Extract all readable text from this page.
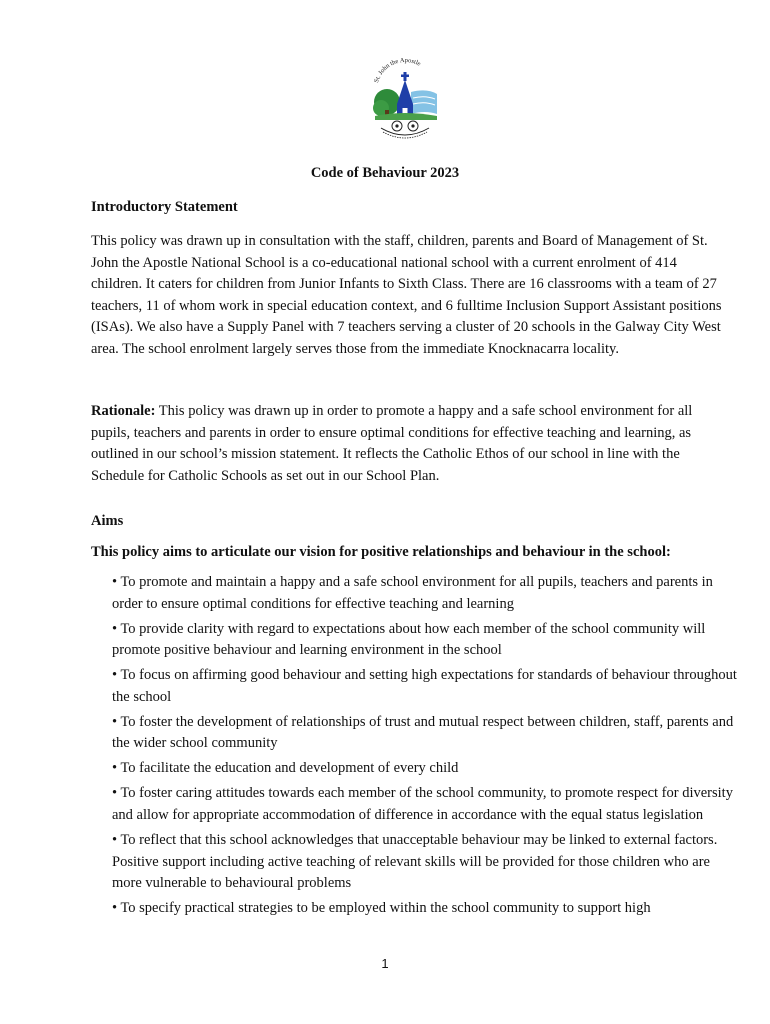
St. John the Apostle
Code of Behaviour 2023
Introductory Statement

This policy was drawn up in consultation with the staff, children, parents and Board of Management of St. John the Apostle National School is a co-educational national school with a current enrolment of 414 children. It caters for children from Junior Infants to Sixth Class. There are 16 classrooms with a team of 27 teachers, 11 of whom work in special education context, and 6 fulltime Inclusion Support Assistant positions (ISAs). We also have a Supply Panel with 7 teachers serving a cluster of 20 schools in the Galway City West area. The school enrolment largely serves those from the immediate Knocknacarra locality.

Rationale: This policy was drawn up in order to promote a happy and a safe school environment for all pupils, teachers and parents in order to ensure optimal conditions for effective teaching and learning, as outlined in our school’s mission statement. It reflects the Catholic Ethos of our school in line with the Schedule for Catholic Schools as set out in our School Plan.

Aims
This policy aims to articulate our vision for positive relationships and behaviour in the school:
• To promote and maintain a happy and a safe school environment for all pupils, teachers and parents in order to ensure optimal conditions for effective teaching and learning
• To provide clarity with regard to expectations about how each member of the school community will promote positive behaviour and learning environment in the school
• To focus on affirming good behaviour and setting high expectations for standards of behaviour throughout the school
• To foster the development of relationships of trust and mutual respect between children, staff, parents and the wider school community
• To facilitate the education and development of every child
• To foster caring attitudes towards each member of the school community, to promote respect for diversity and allow for appropriate accommodation of difference in accordance with the equal status legislation
• To reflect that this school acknowledges that unacceptable behaviour may be linked to external factors. Positive support including active teaching of relevant skills will be provided for those children who are more vulnerable to behavioural problems
• To specify practical strategies to be employed within the school community to support high
1
